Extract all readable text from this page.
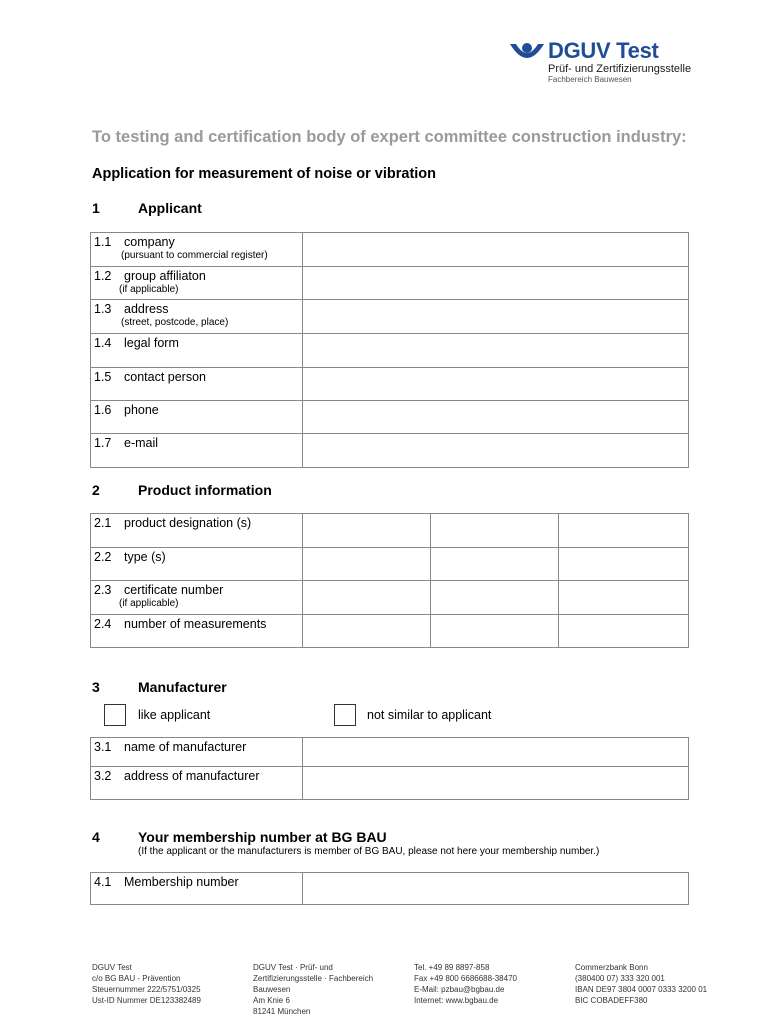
DGUV Test
Prüf- und Zertifizierungsstelle
Fachbereich Bauwesen
To testing and certification body of expert committee construction industry:
Application for measurement of noise or vibration
1	Applicant
1.1 company
(pursuant to commercial register)	

1.2 group affiliaton
(if applicable)	

1.3 address
(street, postcode, place)	

1.4 legal form	

1.5 contact person	

1.6 phone	

1.7 e-mail	

2	Product information
2.1 product designation (s)			

2.2 type (s)			

2.3 certificate number
(if applicable)			

2.4 number of measurements			

3	Manufacturer
like applicant	not similar to applicant
3.1 name of manufacturer	

3.2 address of manufacturer	

4	Your membership number at BG BAU
(If the applicant or the manufacturers is member of BG BAU, please not here your membership number.)
4.1 Membership number

DGUV Test
c/o BG BAU - Prävention
Steuernummer 222/5751/0325
Ust-ID Nummer DE123382489
DGUV Test · Prüf- und
Zertifizierungsstelle · Fachbereich
Bauwesen
Am Knie 6
81241 München
Tel. +49 89 8897-858
Fax +49 800 6686688-38470
E-Mail: pzbau@bgbau.de
Internet: www.bgbau.de
Commerzbank Bonn
(380400 07) 333 320 001
IBAN DE97 3804 0007 0333 3200 01
BIC COBADEFF380
